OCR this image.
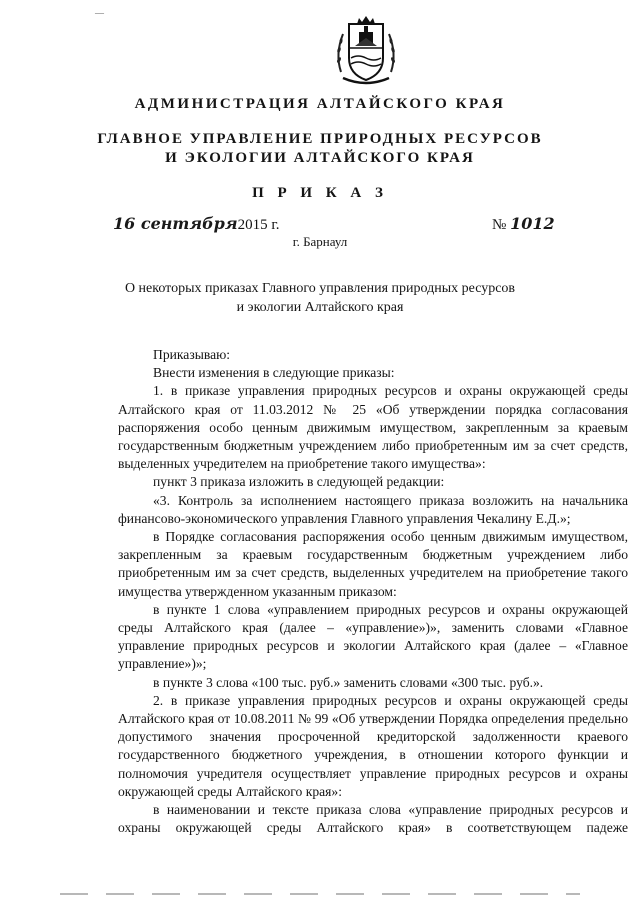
—
АДМИНИСТРАЦИЯ АЛТАЙСКОГО КРАЯ
ГЛАВНОЕ УПРАВЛЕНИЕ ПРИРОДНЫХ РЕСУРСОВ
И ЭКОЛОГИИ АЛТАЙСКОГО КРАЯ
П Р И К А З
16 сентября2015 г.	№ 1012
г. Барнаул
О некоторых приказах Главного управления природных ресурсов
и экологии Алтайского края

Приказываю:

Внести изменения в следующие приказы:

1. в приказе управления природных ресурсов и охраны окружающей среды Алтайского края от 11.03.2012 № 25 «Об утверждении порядка согласования распоряжения особо ценным движимым имуществом, закрепленным за краевым государственным бюджетным учреждением либо приобретенным им за счет средств, выделенных учредителем на приобретение такого имущества»:

пункт 3 приказа изложить в следующей редакции:

«3. Контроль за исполнением настоящего приказа возложить на начальника финансово-экономического управления Главного управления Чекалину Е.Д.»;

в Порядке согласования распоряжения особо ценным движимым имуществом, закрепленным за краевым государственным бюджетным учреждением либо приобретенным им за счет средств, выделенных учредителем на приобретение такого имущества утвержденном указанным приказом:

в пункте 1 слова «управлением природных ресурсов и охраны окружающей среды Алтайского края (далее – «управление»)», заменить словами «Главное управление природных ресурсов и экологии Алтайского края (далее – «Главное управление»)»;

в пункте 3 слова «100 тыс. руб.» заменить словами «300 тыс. руб.».

2. в приказе управления природных ресурсов и охраны окружающей среды Алтайского края от 10.08.2011 № 99 «Об утверждении Порядка определения предельно допустимого значения просроченной кредиторской задолженности краевого государственного бюджетного учреждения, в отношении которого функции и полномочия учредителя осуществляет управление природных ресурсов и охраны окружающей среды Алтайского края»:

в наименовании и тексте приказа слова «управление природных ресурсов и охраны окружающей среды Алтайского края» в соответствующем падеже
